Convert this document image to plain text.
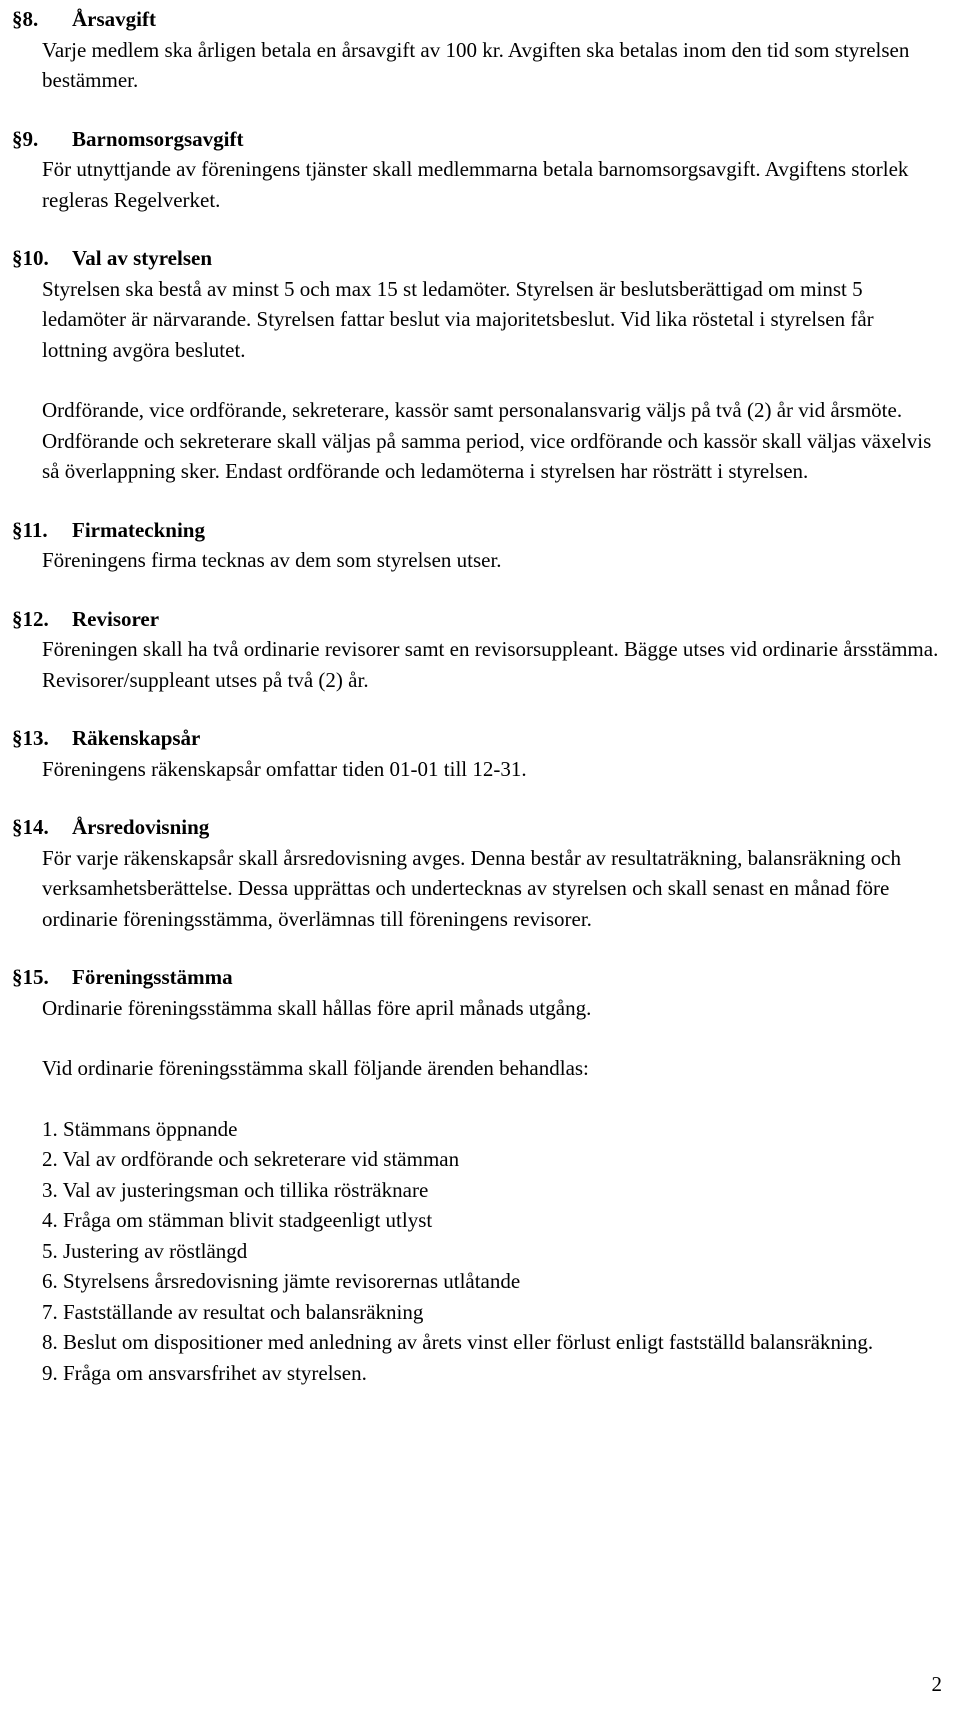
§8.	Årsavgift

Varje medlem ska årligen betala en årsavgift av 100 kr. Avgiften ska betalas inom den tid som styrelsen bestämmer.

§9.	Barnomsorgsavgift

För utnyttjande av föreningens tjänster skall medlemmarna betala barnomsorgsavgift. Avgiftens storlek regleras Regelverket.

§10.	Val av styrelsen

Styrelsen ska bestå av minst 5 och max 15 st ledamöter. Styrelsen är beslutsberättigad om minst 5 ledamöter är närvarande. Styrelsen fattar beslut via majoritetsbeslut. Vid lika röstetal i styrelsen får lottning avgöra beslutet.

Ordförande, vice ordförande, sekreterare, kassör samt personalansvarig väljs på två (2) år vid årsmöte. Ordförande och sekreterare skall väljas på samma period, vice ordförande och kassör skall väljas växelvis så överlappning sker. Endast ordförande och ledamöterna i styrelsen har rösträtt i styrelsen.

§11.	Firmateckning

Föreningens firma tecknas av dem som styrelsen utser.

§12.	Revisorer

Föreningen skall ha två ordinarie revisorer samt en revisorsuppleant. Bägge utses vid ordinarie årsstämma. Revisorer/suppleant utses på två (2) år.

§13.	Räkenskapsår

Föreningens räkenskapsår omfattar tiden 01-01 till 12-31.

§14.	Årsredovisning

För varje räkenskapsår skall årsredovisning avges. Denna består av resultaträkning, balansräkning och verksamhetsberättelse. Dessa upprättas och undertecknas av styrelsen och skall senast en månad före ordinarie föreningsstämma, överlämnas till föreningens revisorer.

§15.	Föreningsstämma

Ordinarie föreningsstämma skall hållas före april månads utgång.

Vid ordinarie föreningsstämma skall följande ärenden behandlas:

1. Stämmans öppnande
2. Val av ordförande och sekreterare vid stämman
3. Val av justeringsman och tillika rösträknare
4. Fråga om stämman blivit stadgeenligt utlyst
5. Justering av röstlängd
6. Styrelsens årsredovisning jämte revisorernas utlåtande
7. Fastställande av resultat och balansräkning
8. Beslut om dispositioner med anledning av årets vinst eller förlust enligt fastställd balansräkning.
9. Fråga om ansvarsfrihet av styrelsen.
2
